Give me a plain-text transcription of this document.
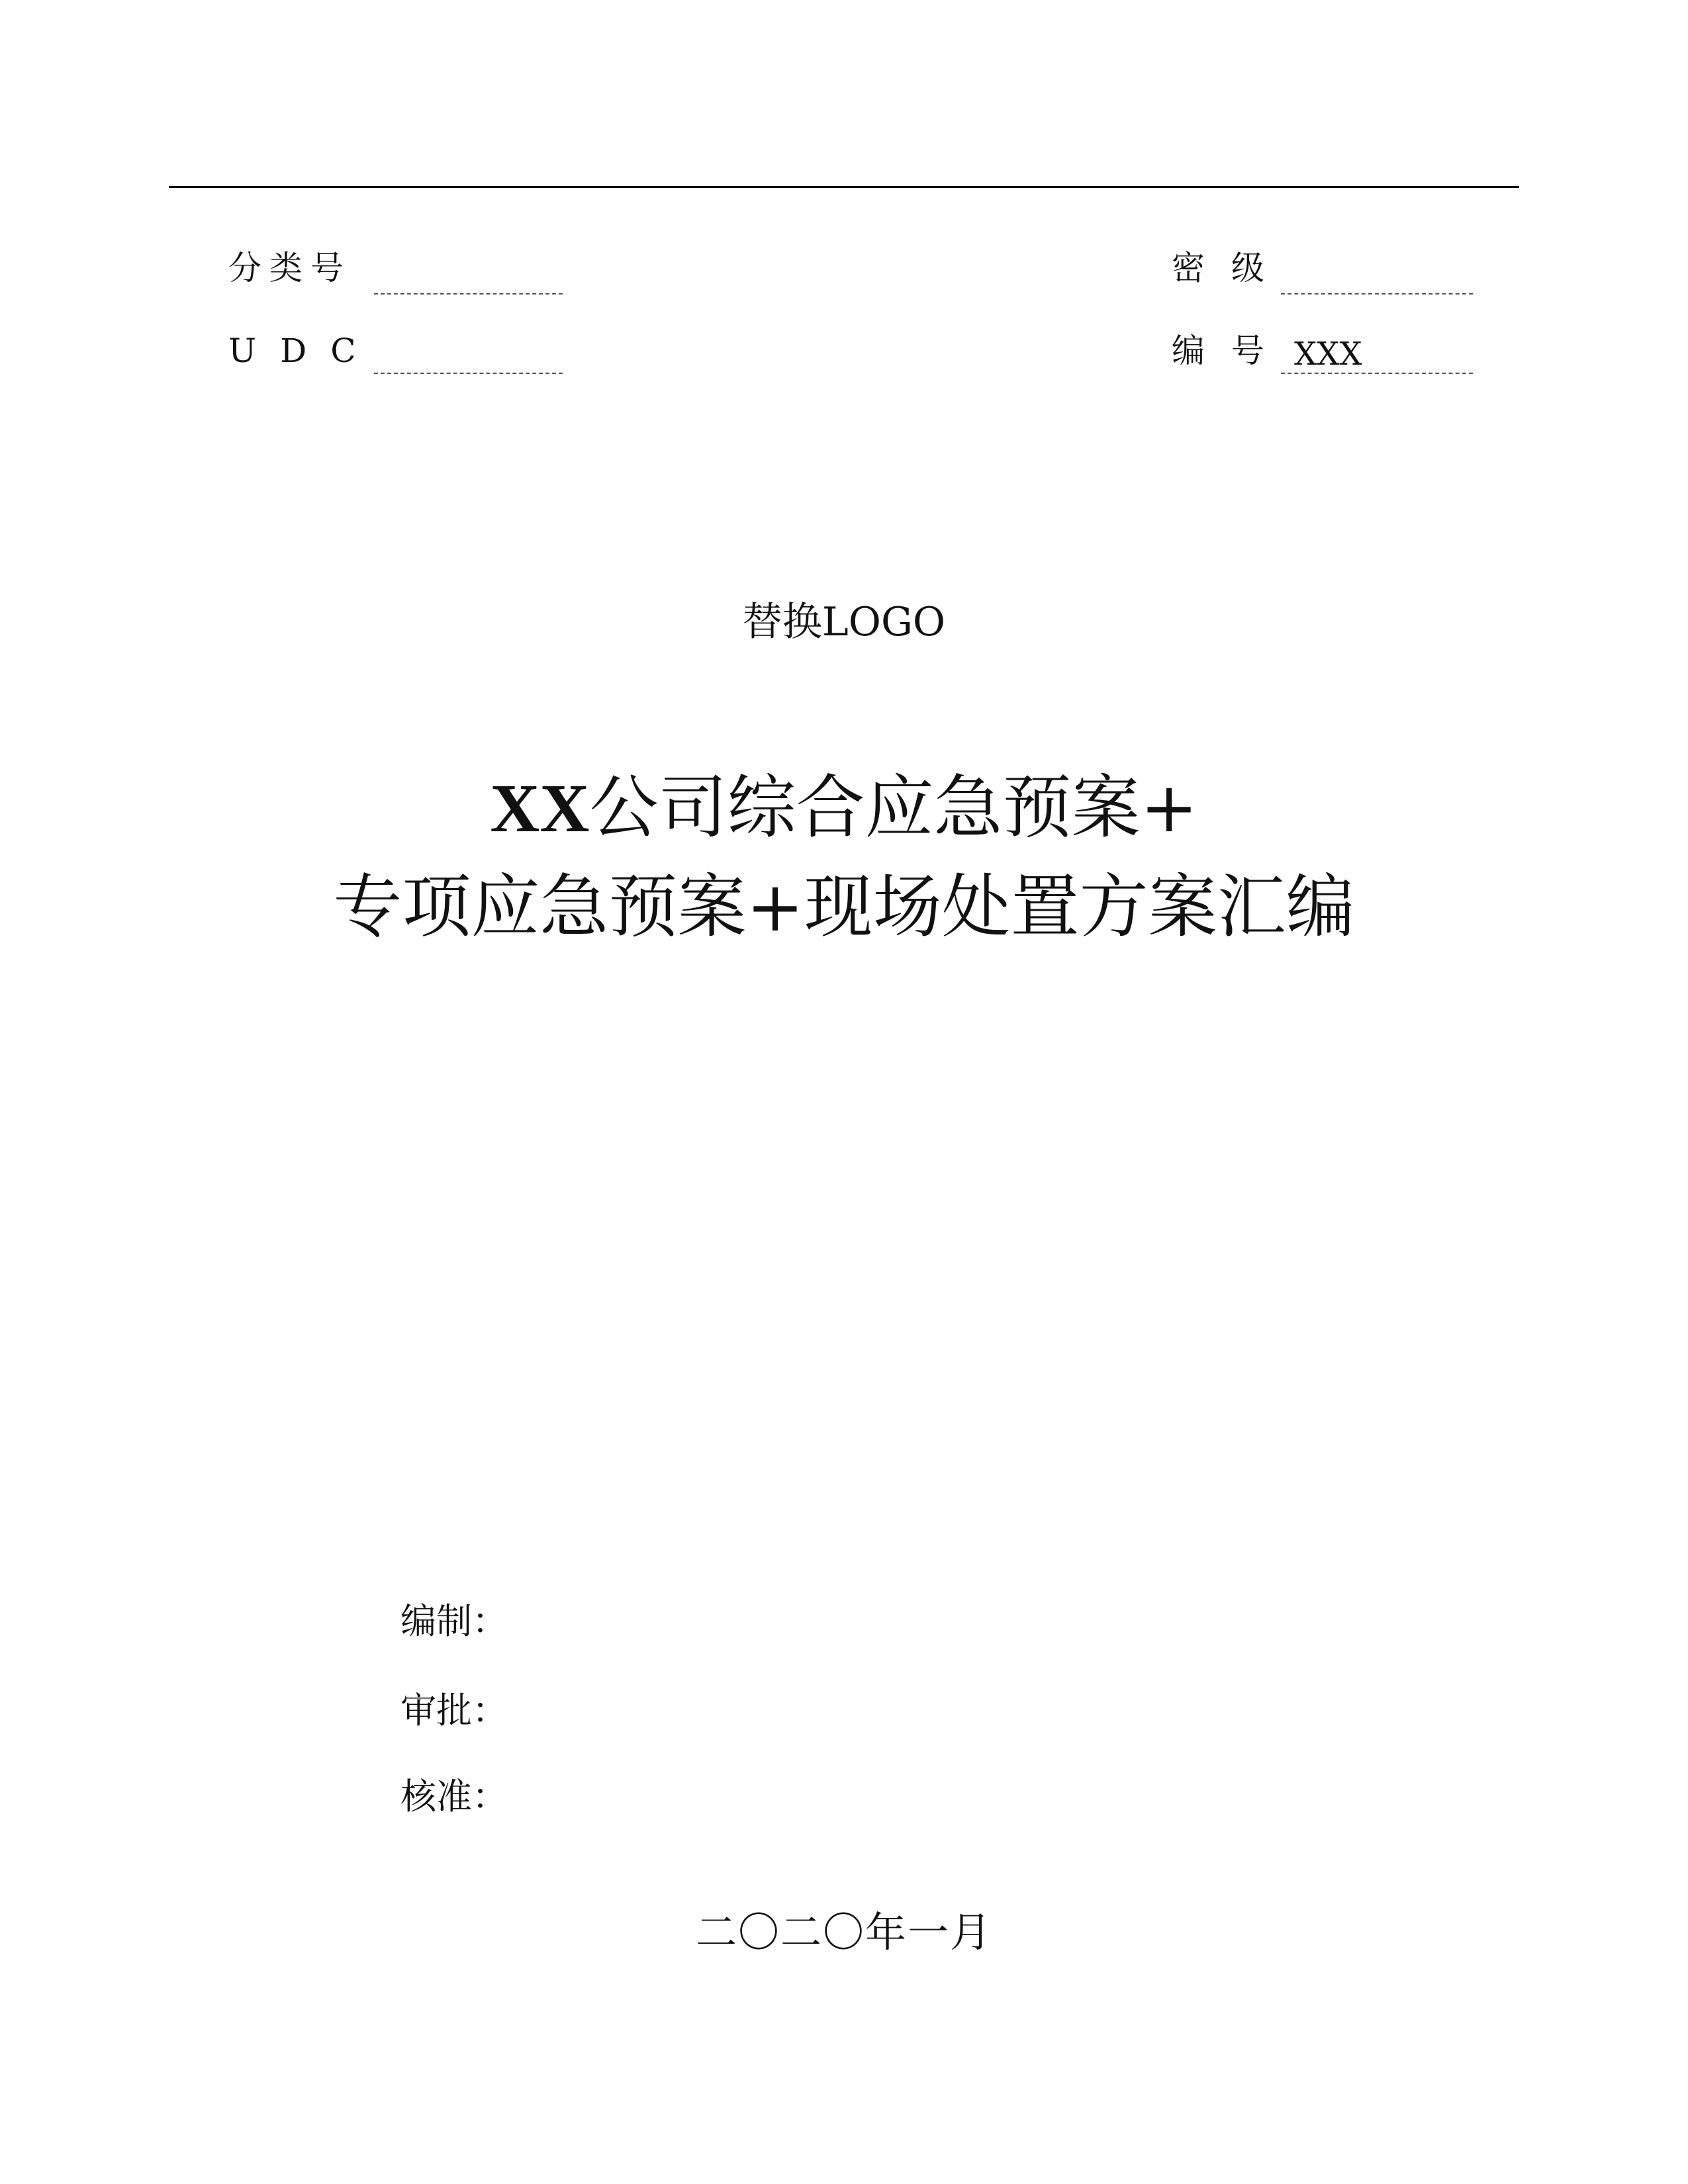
分类号	密 级
UDC	编 号 XXX
替换LOGO
XX公司综合应急预案+
专项应急预案+现场处置方案汇编
编制：
审批：
核准：
二〇二〇年一月
